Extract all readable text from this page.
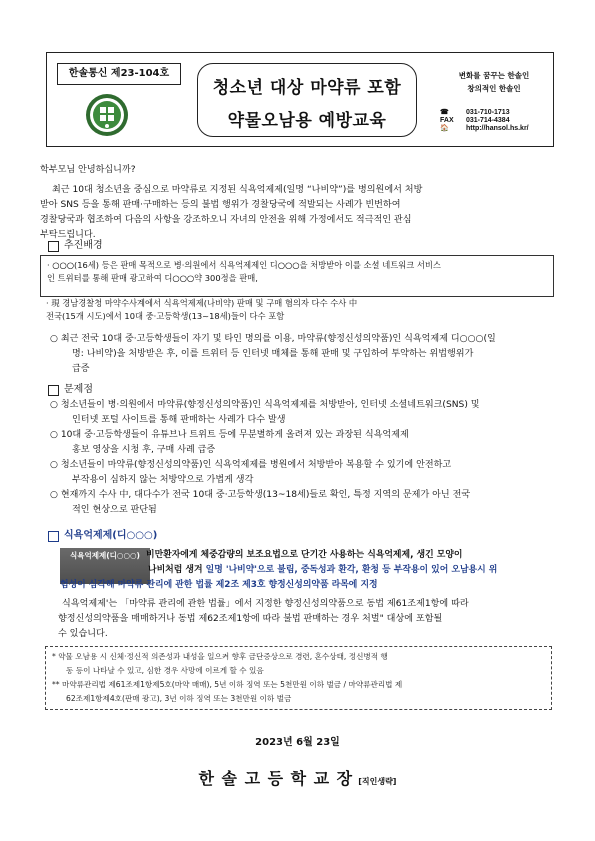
한솔통신 제23-104호
청소년 대상 마약류 포함
약물오남용 예방교육
변화를 꿈꾸는 한솔인
창의적인 한솔인
☎ 031-710-1713
FAX 031-714-4384
🏠 http://hansol.hs.kr/
학부모님 안녕하십니까?
최근 10대 청소년을 중심으로 마약류로 지정된 식욕억제제(일명 “나비약”)를 병의원에서 처방
받아 SNS 등을 통해 판매·구매하는 등의 불법 행위가 경찰당국에 적발되는 사례가 빈번하여
경찰당국과 협조하여 다음의 사항을 강조하오니 자녀의 안전을 위해 가정에서도 적극적인 관심
부탁드립니다.
추진배경
· ○○○(16세) 등은 판매 목적으로 병·의원에서 식욕억제제인 디○○○을 처방받아 이를 소셜 네트워크 서비스
인 트위터를 통해 판매 광고하여 디○○○약 300정을 판매,
· 現 경남경찰청 마약수사계에서 식욕억제제(나비약) 판매 및 구매 혐의자 다수 수사 中
전국(15개 시도)에서 10대 중·고등학생(13~18세)들이 다수 포함
○ 최근 전국 10대 중·고등학생들이 자기 및 타인 명의를 이용, 마약류(향정신성의약품)인 식욕억제제 디○○○(일
명: 나비약)을 처방받은 후, 이를 트위터 등 인터넷 매체를 통해 판매 및 구입하여 투약하는 위법행위가
급증
문제점
○ 청소년들이 병·의원에서 마약류(향정신성의약품)인 식욕억제제를 처방받아, 인터넷 소셜네트워크(SNS) 및
인터넷 포털 사이트를 통해 판매하는 사례가 다수 발생
○ 10대 중·고등학생들이 유튜브나 트위트 등에 무분별하게 올려져 있는 과장된 식욕억제제
홍보 영상을 시청 후, 구매 사례 급증
○ 청소년들이 마약류(향정신성의약품)인 식욕억제제를 병원에서 처방받아 복용할 수 있기에 안전하고
부작용이 심하지 않는 처방약으로 가볍게 생각
○ 현재까지 수사 中, 대다수가 전국 10대 중·고등학생(13~18세)들로 확인, 특정 지역의 문제가 아닌 전국
적인 현상으로 판단됨
식욕억제제(디○○○)
식욕억제제(디○○○) 비만환자에게 체중감량의 보조요법으로 단기간 사용하는 식욕억제제, 생긴 모양이
나비처럼 생겨 일명 '나비약'으로 불림, 중독성과 환각, 환청 등 부작용이 있어 오남용시 위
험성이 심각해 마약류 관리에 관한 법률 제2조 제3호 향정신성의약품 라목에 지정
식욕억제제'는 「마약류 관리에 관한 법률」에서 지정한 향정신성의약품으로 동법 제61조제1항에 따라
향정신성의약품을 매매하거나 동법 제62조제1항에 따라 불법 판매하는 경우 처벌" 대상에 포함될
수 있습니다.
* 약물 오남용 시 신체·정신적 의존성과 내성을 일으켜 향후 금단증상으로 경련, 혼수상태, 정신병적 행
동 등이 나타날 수 있고, 심한 경우 사망에 이르게 할 수 있음
** 마약류관리법 제61조제1항제5호(마약 매매), 5년 이하 징역 또는 5천만원 이하 벌금 / 마약류관리법 제
62조제1항제4호(판매 광고), 3년 이하 징역 또는 3천만원 이하 벌금
2023년 6월 23일
한 솔 고 등 학 교 장 [직인생략]
